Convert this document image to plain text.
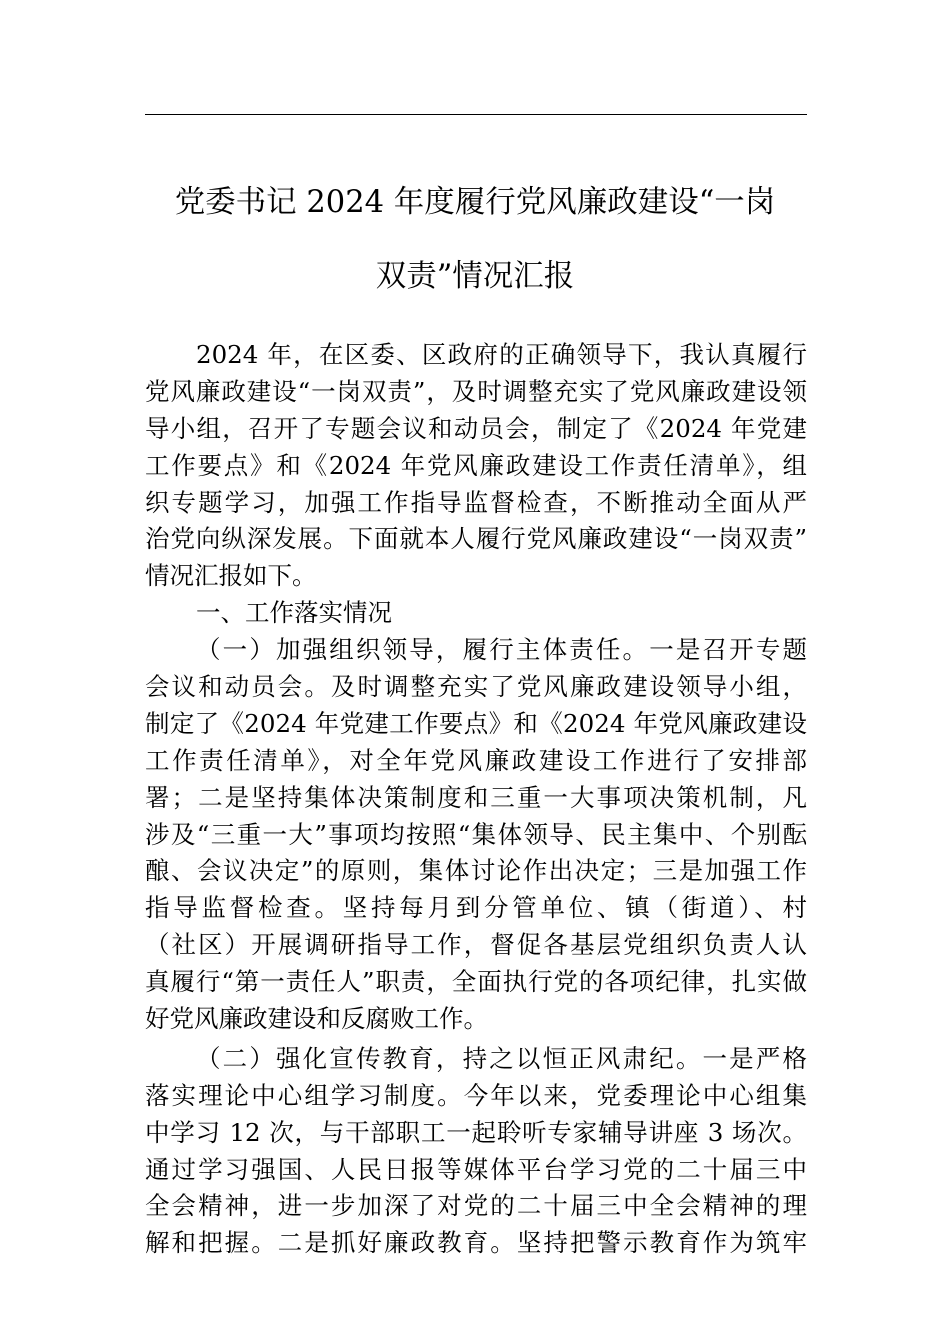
党委书记 2024 年度履行党风廉政建设“一岗
双责”情况汇报
2024 年，在区委、区政府的正确领导下，我认真履行
党风廉政建设“一岗双责”，及时调整充实了党风廉政建设领
导小组，召开了专题会议和动员会，制定了《2024 年党建
工作要点》和《2024 年党风廉政建设工作责任清单》，组
织专题学习，加强工作指导监督检查，不断推动全面从严
治党向纵深发展。下面就本人履行党风廉政建设“一岗双责”
情况汇报如下。
一、工作落实情况
（一）加强组织领导，履行主体责任。一是召开专题
会议和动员会。及时调整充实了党风廉政建设领导小组，
制定了《2024 年党建工作要点》和《2024 年党风廉政建设
工作责任清单》，对全年党风廉政建设工作进行了安排部
署；二是坚持集体决策制度和三重一大事项决策机制，凡
涉及“三重一大”事项均按照“集体领导、民主集中、个别酝
酿、会议决定”的原则，集体讨论作出决定；三是加强工作
指导监督检查。坚持每月到分管单位、镇（街道）、村
（社区）开展调研指导工作，督促各基层党组织负责人认
真履行“第一责任人”职责，全面执行党的各项纪律，扎实做
好党风廉政建设和反腐败工作。
（二）强化宣传教育，持之以恒正风肃纪。一是严格
落实理论中心组学习制度。今年以来，党委理论中心组集
中学习 12 次，与干部职工一起聆听专家辅导讲座 3 场次。
通过学习强国、人民日报等媒体平台学习党的二十届三中
全会精神，进一步加深了对党的二十届三中全会精神的理
解和把握。二是抓好廉政教育。坚持把警示教育作为筑牢
